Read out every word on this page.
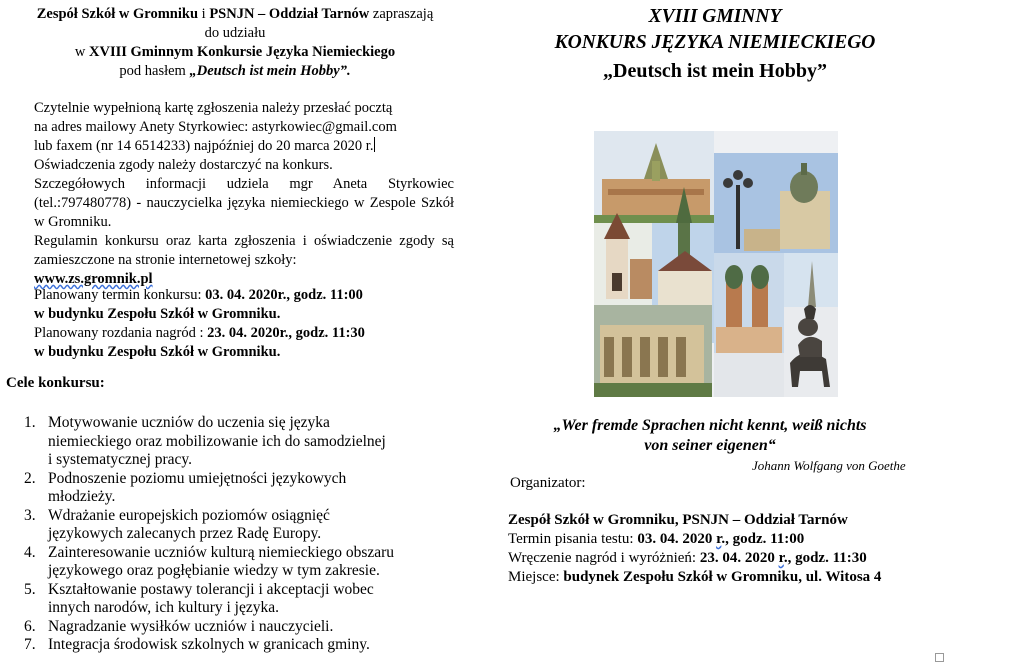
Zespół Szkół w Gromniku i PSNJN – Oddział Tarnów zapraszają
do udziału
w XVIII Gminnym Konkursie Języka Niemieckiego
pod hasłem „Deutsch ist mein Hobby”.
Czytelnie wypełnioną kartę zgłoszenia należy przesłać pocztą
na adres mailowy Anety Styrkowiec: astyrkowiec@gmail.com
lub faxem (nr 14 6514233) najpóźniej do 20 marca 2020 r.
Oświadczenia zgody należy dostarczyć na konkurs.
Szczegółowych informacji udziela mgr Aneta Styrkowiec (tel.:797480778) - nauczycielka języka niemieckiego w Zespole Szkół w Gromniku.
Regulamin konkursu oraz karta zgłoszenia i oświadczenie zgody są zamieszczone na stronie internetowej szkoły:
www.zs.gromnik.pl
Planowany termin konkursu: 03. 04. 2020r., godz. 11:00
w budynku Zespołu Szkół w Gromniku.
Planowany rozdania nagród : 23. 04. 2020r., godz. 11:30
w budynku Zespołu Szkół w Gromniku.
Cele konkursu:
1. Motywowanie uczniów do uczenia się języka
niemieckiego oraz mobilizowanie ich do samodzielnej
i systematycznej pracy.
2. Podnoszenie poziomu umiejętności językowych
młodzieży.
3. Wdrażanie europejskich poziomów osiągnięć
językowych zalecanych przez Radę Europy.
4. Zainteresowanie uczniów kulturą niemieckiego obszaru
językowego oraz pogłębianie wiedzy w tym zakresie.
5. Kształtowanie postawy tolerancji i akceptacji wobec
innych narodów, ich kultury i języka.
6. Nagradzanie wysiłków uczniów i nauczycieli.
7. Integracja środowisk szkolnych w granicach gminy.
XVIII GMINNY
KONKURS JĘZYKA NIEMIECKIEGO
„Deutsch ist mein Hobby”
„Wer fremde Sprachen nicht kennt, weiß nichts
von seiner eigenen“
Johann Wolfgang von Goethe
Organizator:
Zespół Szkół w Gromniku, PSNJN – Oddział Tarnów
Termin pisania testu: 03. 04. 2020 r., godz. 11:00
Wręczenie nagród i wyróżnień: 23. 04. 2020 r., godz. 11:30
Miejsce: budynek Zespołu Szkół w Gromniku, ul. Witosa 4
